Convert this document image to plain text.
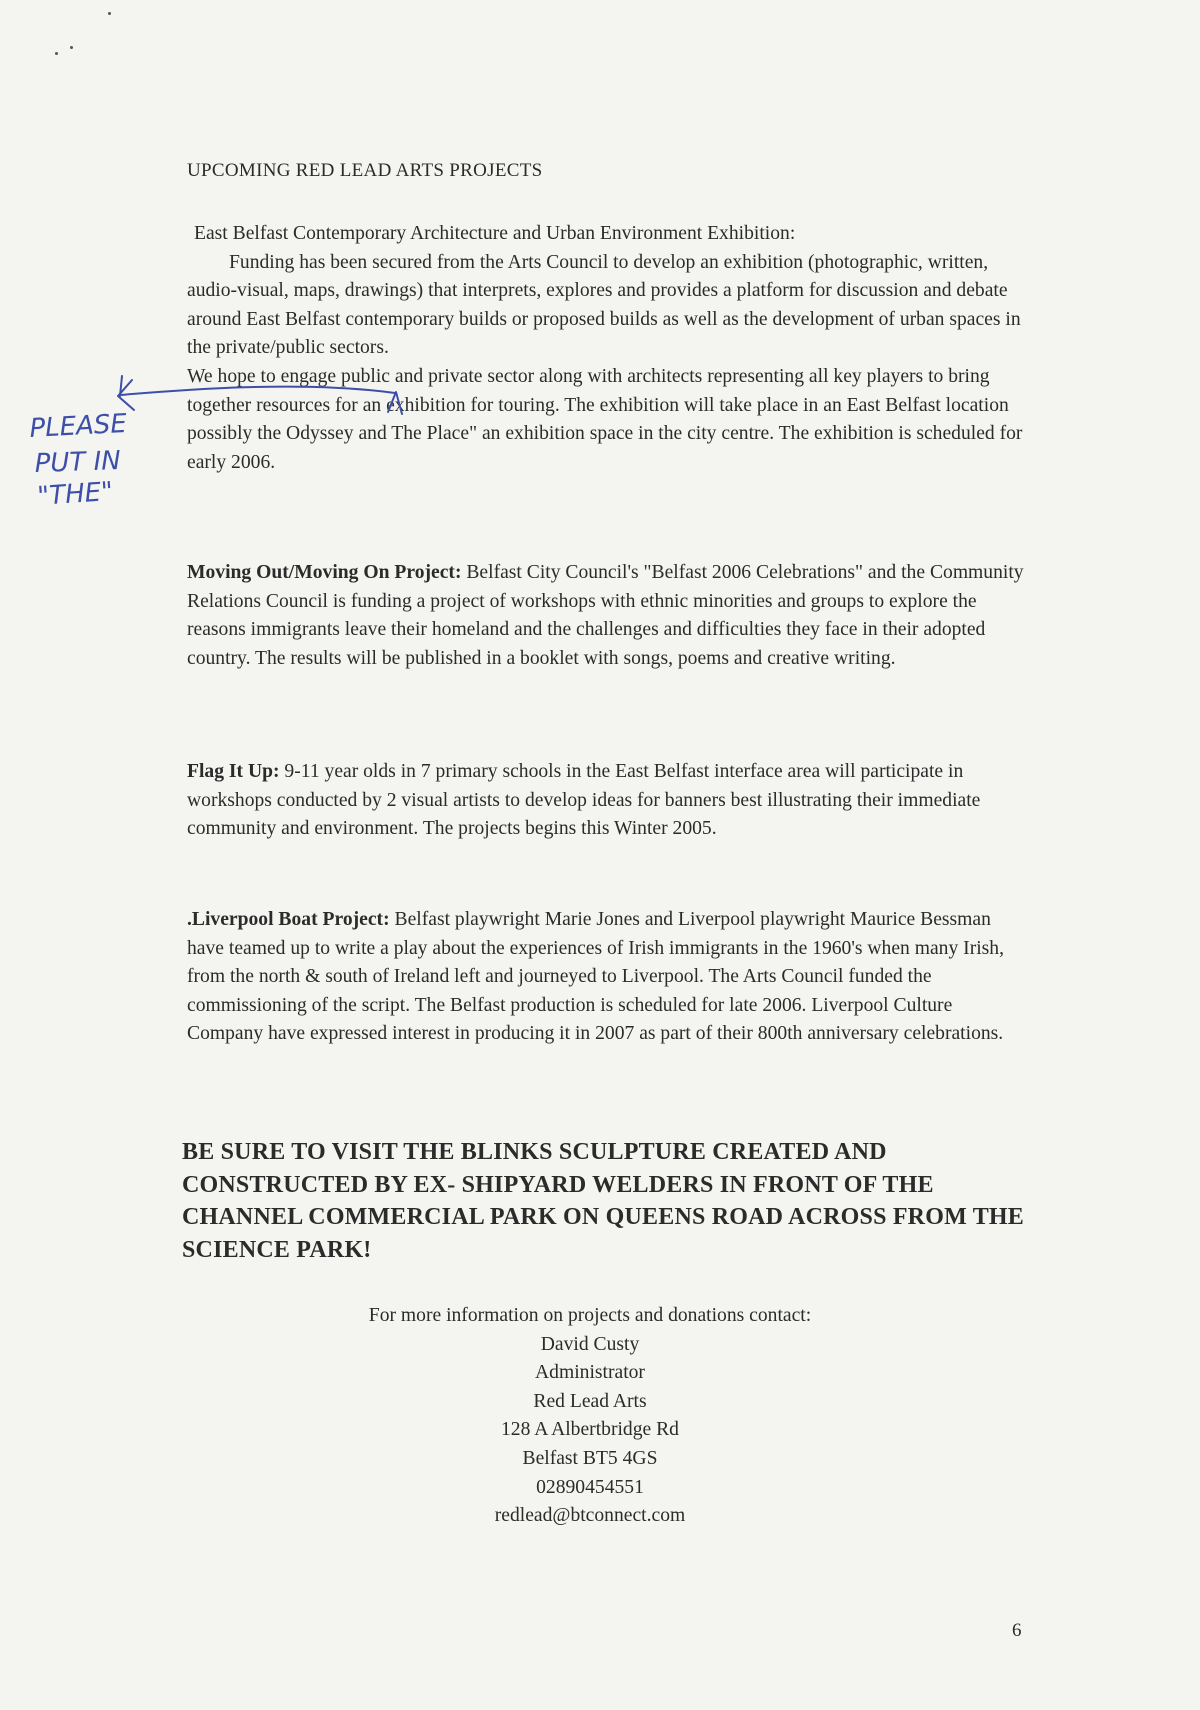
UPCOMING RED LEAD ARTS PROJECTS

East Belfast Contemporary Architecture and Urban Environment Exhibition:

Funding has been secured from the Arts Council to develop an exhibition (photographic, written, audio-visual, maps, drawings) that interprets, explores and provides a platform for discussion and debate around East Belfast contemporary builds or proposed builds as well as the development of urban spaces in the private/public sectors.

We hope to engage public and private sector along with architects representing all key players to bring together resources for an exhibition for touring. The exhibition will take place in an East Belfast location possibly the Odyssey and The Place" an exhibition space in the city centre. The exhibition is scheduled for early 2006.

Moving Out/Moving On Project: Belfast City Council's "Belfast 2006 Celebrations" and the Community Relations Council is funding a project of workshops with ethnic minorities and groups to explore the reasons immigrants leave their homeland and the challenges and difficulties they face in their adopted country. The results will be published in a booklet with songs, poems and creative writing.

Flag It Up: 9-11 year olds in 7 primary schools in the East Belfast interface area will participate in workshops conducted by 2 visual artists to develop ideas for banners best illustrating their immediate community and environment. The projects begins this Winter 2005.

.Liverpool Boat Project: Belfast playwright Marie Jones and Liverpool playwright Maurice Bessman have teamed up to write a play about the experiences of Irish immigrants in the 1960's when many Irish, from the north & south of Ireland left and journeyed to Liverpool. The Arts Council funded the commissioning of the script. The Belfast production is scheduled for late 2006. Liverpool Culture Company have expressed interest in producing it in 2007 as part of their 800th anniversary celebrations.

BE SURE TO VISIT THE BLINKS SCULPTURE CREATED AND CONSTRUCTED BY EX- SHIPYARD WELDERS IN FRONT OF THE CHANNEL COMMERCIAL PARK ON QUEENS ROAD ACROSS FROM THE SCIENCE PARK!
For more information on projects and donations contact:
David Custy
Administrator
Red Lead Arts
128 A Albertbridge Rd
Belfast BT5 4GS
02890454551
redlead@btconnect.com
6
PLEASE
PUT IN
"THE"
